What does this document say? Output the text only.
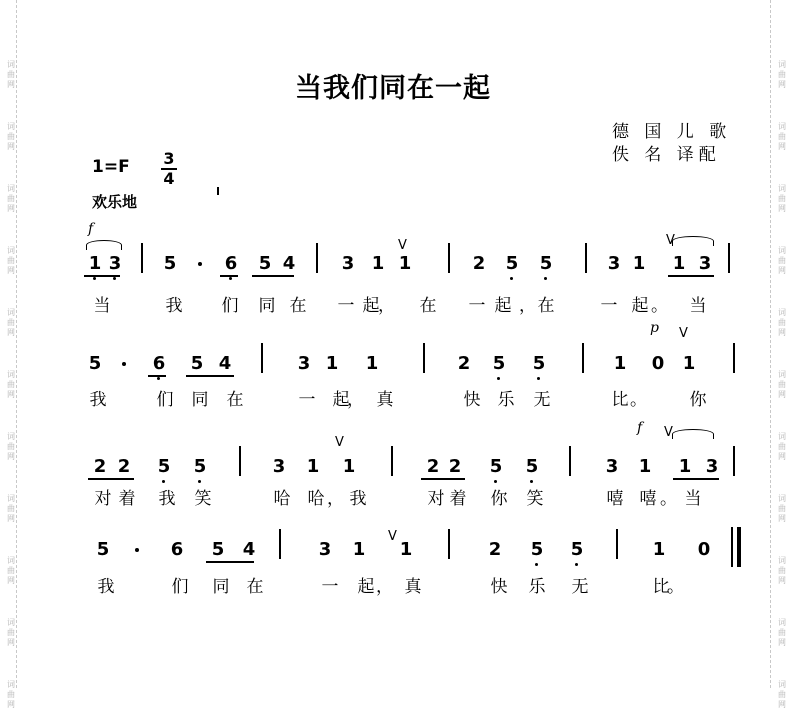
词
曲
网
词
曲
网
词
曲
网
词
曲
网
词
曲
网
词
曲
网
词
曲
网
词
曲
网
词
曲
网
词
曲
网
词
曲
网
词
曲
网
词
曲
网
词
曲
网
词
曲
网
词
曲
网
词
曲
网
词
曲
网
词
曲
网
词
曲
网
词
曲
网
词
曲
网
当我们同在一起
德 国 儿 歌
佚 名 译配
1=F 3
4
欢乐地
f
p
f
V	V
V
V
V
V
1 3 5	6 5 4	3 1 1	2 5 5	3 1 1 3
当	我 们 同 在 一 起 在 一 起 在	一 起 当
，	，	。
5	6 5 4	3 1 1	2 5 5	1 0 1
我	们 同 在	一 起 真	快 乐 无	比	你
，	。
2 2 5 5	3 1 1	2 2 5 5	3 1 1 3
对 着 我 笑	哈 哈 我	对 着 你 笑	嘻 嘻 当
，	。
5	6 5 4	3 1 1	2 5 5	1 0
我	们 同 在	一 起 真	快 乐 无	比
，	。
